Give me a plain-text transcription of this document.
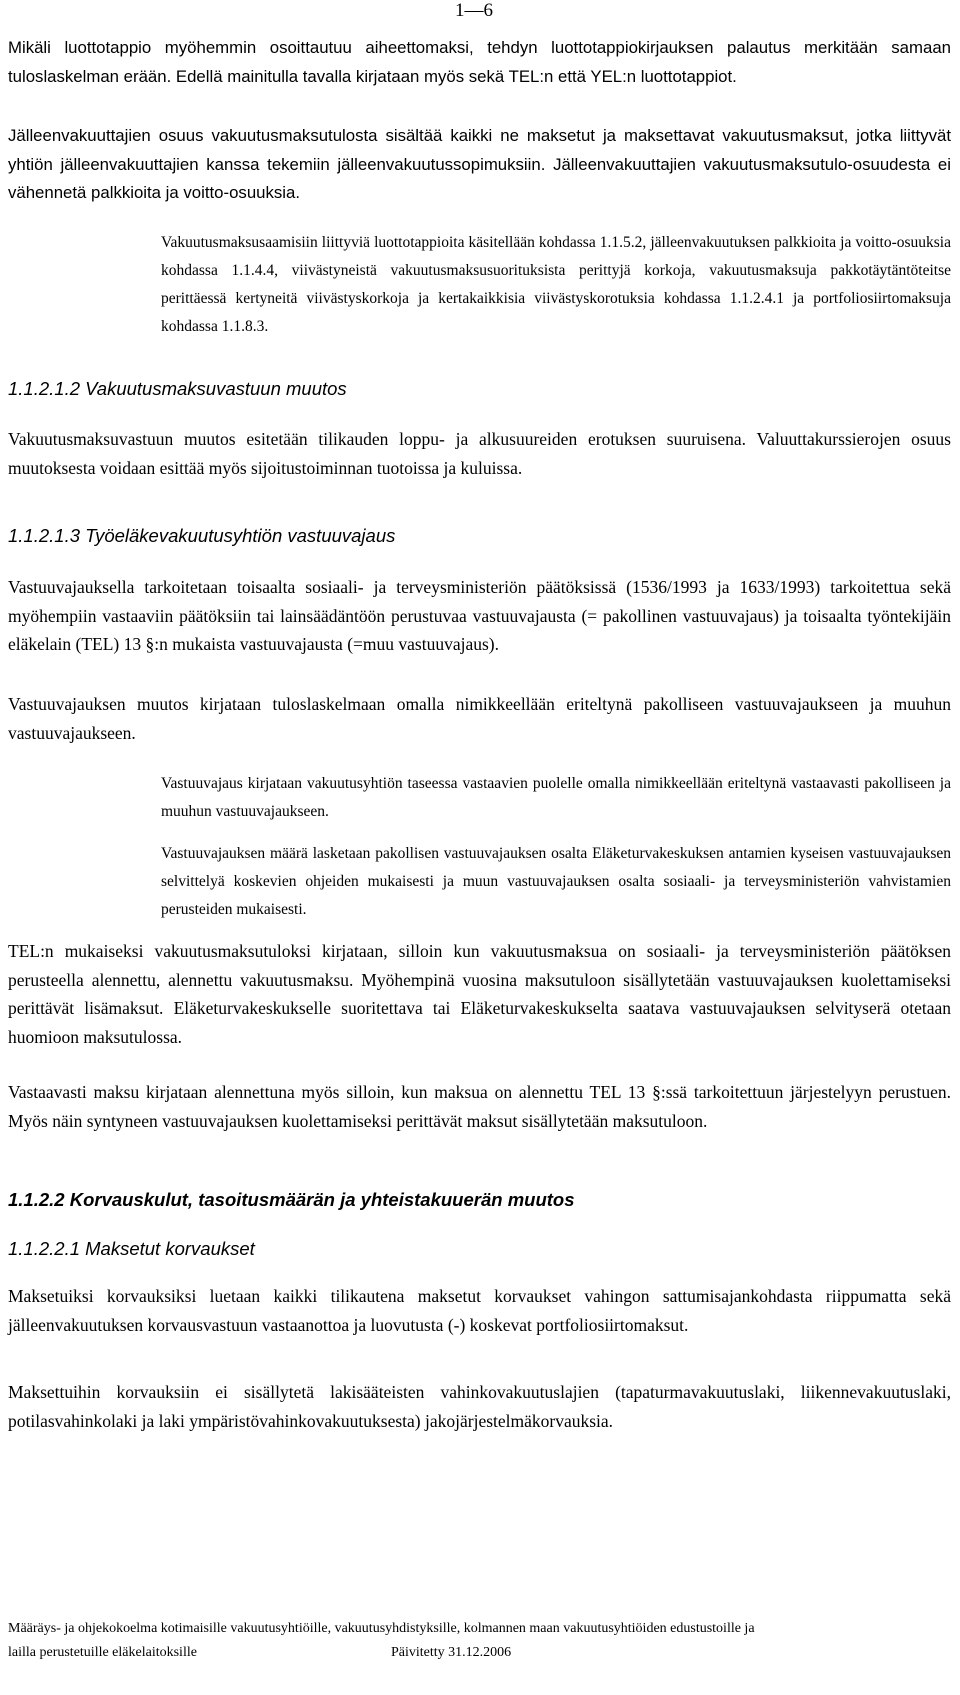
1—6

Mikäli luottotappio myöhemmin osoittautuu aiheettomaksi, tehdyn luottotappiokirjauksen palautus merkitään samaan tuloslaskelman erään. Edellä mainitulla tavalla kirjataan myös sekä TEL:n että YEL:n luottotappiot.

Jälleenvakuuttajien osuus vakuutusmaksutulosta sisältää kaikki ne maksetut ja maksettavat vakuutusmaksut, jotka liittyvät yhtiön jälleenvakuuttajien kanssa tekemiin jälleenvakuutussopimuksiin. Jälleenvakuuttajien vakuutusmaksutulo-osuudesta ei vähennetä palkkioita ja voitto-osuuksia.

Vakuutusmaksusaamisiin liittyviä luottotappioita käsitellään kohdassa 1.1.5.2, jälleenvakuutuksen palkkioita ja voitto-osuuksia kohdassa 1.1.4.4, viivästyneistä vakuutusmaksusuorituksista perittyjä korkoja, vakuutusmaksuja pakkotäytäntöteitse perittäessä kertyneitä viivästyskorkoja ja kertakaikkisia viivästyskorotuksia kohdassa 1.1.2.4.1 ja portfoliosiirtomaksuja kohdassa 1.1.8.3.

1.1.2.1.2 Vakuutusmaksuvastuun muutos

Vakuutusmaksuvastuun muutos esitetään tilikauden loppu- ja alkusuureiden erotuksen suuruisena. Valuuttakurssierojen osuus muutoksesta voidaan esittää myös sijoitustoiminnan tuotoissa ja kuluissa.

1.1.2.1.3 Työeläkevakuutusyhtiön vastuuvajaus

Vastuuvajauksella tarkoitetaan toisaalta sosiaali- ja terveysministeriön päätöksissä (1536/1993 ja 1633/1993) tarkoitettua sekä myöhempiin vastaaviin päätöksiin tai lainsäädäntöön perustuvaa vastuuvajausta (= pakollinen vastuuvajaus) ja toisaalta työntekijäin eläkelain (TEL) 13 §:n mukaista vastuuvajausta (=muu vastuuvajaus).

Vastuuvajauksen muutos kirjataan tuloslaskelmaan omalla nimikkeellään eriteltynä pakolliseen vastuuvajaukseen ja muuhun vastuuvajaukseen.

Vastuuvajaus kirjataan vakuutusyhtiön taseessa vastaavien puolelle omalla nimikkeellään eriteltynä vastaavasti pakolliseen ja muuhun vastuuvajaukseen.

Vastuuvajauksen määrä lasketaan pakollisen vastuuvajauksen osalta Eläketurvakeskuksen antamien kyseisen vastuuvajauksen selvittelyä koskevien ohjeiden mukaisesti ja muun vastuuvajauksen osalta sosiaali- ja terveysministeriön vahvistamien perusteiden mukaisesti.

TEL:n mukaiseksi vakuutusmaksutuloksi kirjataan, silloin kun vakuutusmaksua on sosiaali- ja terveysministeriön päätöksen perusteella alennettu, alennettu vakuutusmaksu. Myöhempinä vuosina maksutuloon sisällytetään vastuuvajauksen kuolettamiseksi perittävät lisämaksut. Eläketurvakeskukselle suoritettava tai Eläketurvakeskukselta saatava vastuuvajauksen selvityserä otetaan huomioon maksutulossa.

Vastaavasti maksu kirjataan alennettuna myös silloin, kun maksua on alennettu TEL 13 §:ssä tarkoitettuun järjestelyyn perustuen. Myös näin syntyneen vastuuvajauksen kuolettamiseksi perittävät maksut sisällytetään maksutuloon.

1.1.2.2 Korvauskulut, tasoitusmäärän ja yhteistakuuerän muutos
1.1.2.2.1 Maksetut korvaukset

Maksetuiksi korvauksiksi luetaan kaikki tilikautena maksetut korvaukset vahingon sattumisajankohdasta riippumatta sekä jälleenvakuutuksen korvausvastuun vastaanottoa ja luovutusta (-) koskevat portfoliosiirtomaksut.

Maksettuihin korvauksiin ei sisällytetä lakisääteisten vahinkovakuutuslajien (tapaturmavakuutuslaki, liikennevakuutuslaki, potilasvahinkolaki ja laki ympäristövahinkovakuutuksesta) jakojärjestelmäkorvauksia.

Määräys- ja ohjekokoelma kotimaisille vakuutusyhtiöille, vakuutusyhdistyksille, kolmannen maan vakuutusyhtiöiden edustustoille ja
laillа perustetuille eläkelaitoksille	Päivitetty 31.12.2006
